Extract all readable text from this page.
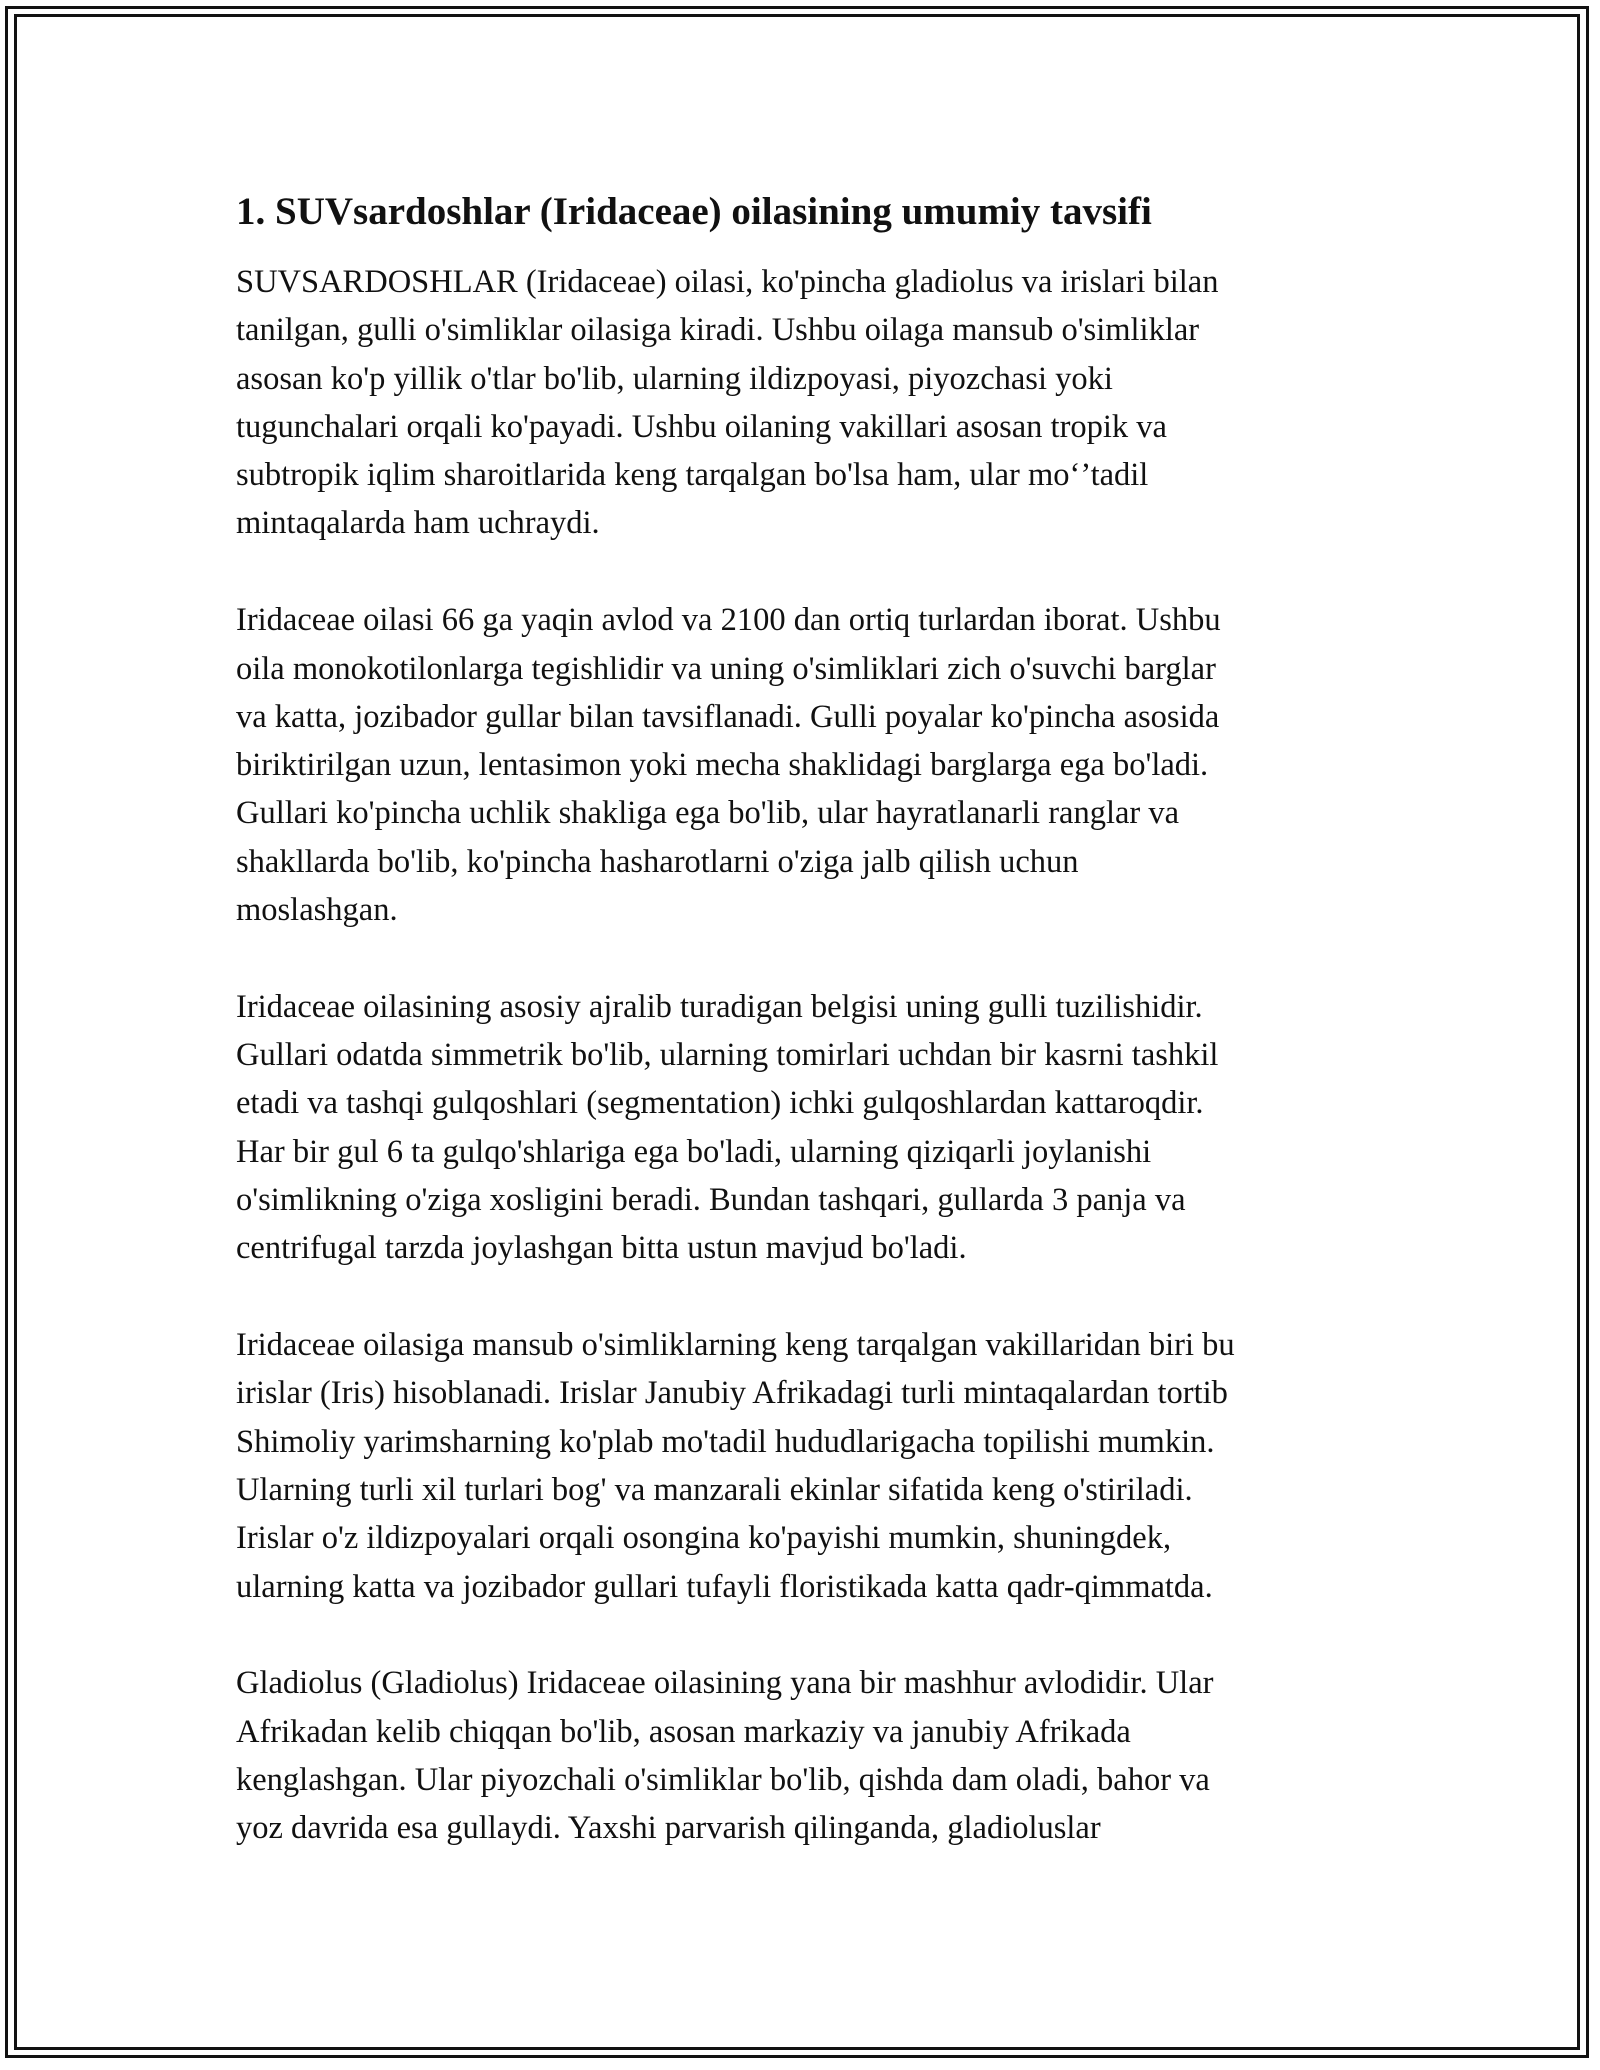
1. SUVsardoshlar (Iridaceae) oilasining umumiy tavsifi

SUVSARDOSHLAR (Iridaceae) oilasi, ko'pincha gladiolus va irislari bilan
tanilgan, gulli o'simliklar oilasiga kiradi. Ushbu oilaga mansub o'simliklar
asosan ko'p yillik o'tlar bo'lib, ularning ildizpoyasi, piyozchasi yoki
tugunchalari orqali ko'payadi. Ushbu oilaning vakillari asosan tropik va
subtropik iqlim sharoitlarida keng tarqalgan bo'lsa ham, ular mo‘’tadil
mintaqalarda ham uchraydi.

Iridaceae oilasi 66 ga yaqin avlod va 2100 dan ortiq turlardan iborat. Ushbu
oila monokotilonlarga tegishlidir va uning o'simliklari zich o'suvchi barglar
va katta, jozibador gullar bilan tavsiflanadi. Gulli poyalar ko'pincha asosida
biriktirilgan uzun, lentasimon yoki mecha shaklidagi barglarga ega bo'ladi.
Gullari ko'pincha uchlik shakliga ega bo'lib, ular hayratlanarli ranglar va
shakllarda bo'lib, ko'pincha hasharotlarni o'ziga jalb qilish uchun
moslashgan.

Iridaceae oilasining asosiy ajralib turadigan belgisi uning gulli tuzilishidir.
Gullari odatda simmetrik bo'lib, ularning tomirlari uchdan bir kasrni tashkil
etadi va tashqi gulqoshlari (segmentation) ichki gulqoshlardan kattaroqdir.
Har bir gul 6 ta gulqo'shlariga ega bo'ladi, ularning qiziqarli joylanishi
o'simlikning o'ziga xosligini beradi. Bundan tashqari, gullarda 3 panja va
centrifugal tarzda joylashgan bitta ustun mavjud bo'ladi.

Iridaceae oilasiga mansub o'simliklarning keng tarqalgan vakillaridan biri bu
irislar (Iris) hisoblanadi. Irislar Janubiy Afrikadagi turli mintaqalardan tortib
Shimoliy yarimsharning ko'plab mo'tadil hududlarigacha topilishi mumkin.
Ularning turli xil turlari bog' va manzarali ekinlar sifatida keng o'stiriladi.
Irislar o'z ildizpoyalari orqali osongina ko'payishi mumkin, shuningdek,
ularning katta va jozibador gullari tufayli floristikada katta qadr-qimmatda.

Gladiolus (Gladiolus) Iridaceae oilasining yana bir mashhur avlodidir. Ular
Afrikadan kelib chiqqan bo'lib, asosan markaziy va janubiy Afrikada
kenglashgan. Ular piyozchali o'simliklar bo'lib, qishda dam oladi, bahor va
yoz davrida esa gullaydi. Yaxshi parvarish qilinganda, gladioluslar
